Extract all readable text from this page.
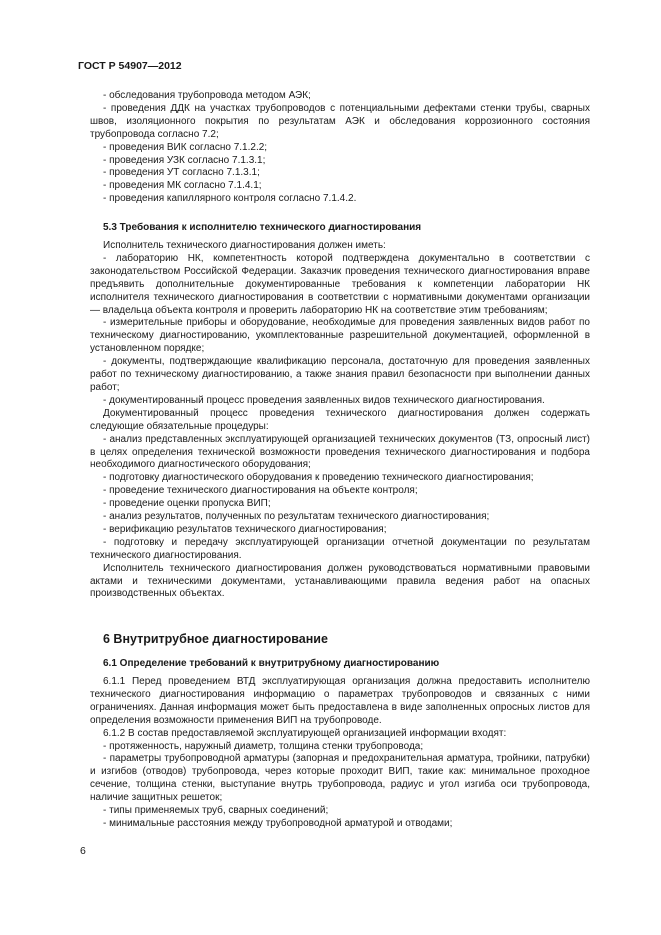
ГОСТ Р 54907—2012

- обследования трубопровода методом АЭК;

- проведения ДДК на участках трубопроводов с потенциальными дефектами стенки трубы, сварных швов, изоляционного покрытия по результатам АЭК и обследования коррозионного состояния трубопровода согласно 7.2;

- проведения ВИК согласно 7.1.2.2;

- проведения УЗК согласно 7.1.3.1;

- проведения УТ согласно 7.1.3.1;

- проведения МК согласно 7.1.4.1;

- проведения капиллярного контроля согласно 7.1.4.2.

5.3 Требования к исполнителю технического диагностирования

Исполнитель технического диагностирования должен иметь:

- лабораторию НК, компетентность которой подтверждена документально в соответствии с законодательством Российской Федерации. Заказчик проведения технического диагностирования вправе предъявить дополнительные документированные требования к компетенции лаборатории НК исполнителя технического диагностирования в соответствии с нормативными документами организации — владельца объекта контроля и проверить лабораторию НК на соответствие этим требованиям;

- измерительные приборы и оборудование, необходимые для проведения заявленных видов работ по техническому диагностированию, укомплектованные разрешительной документацией, оформленной в установленном порядке;

- документы, подтверждающие квалификацию персонала, достаточную для проведения заявленных работ по техническому диагностированию, а также знания правил безопасности при выполнении данных работ;

- документированный процесс проведения заявленных видов технического диагностирования.

Документированный процесс проведения технического диагностирования должен содержать следующие обязательные процедуры:

- анализ представленных эксплуатирующей организацией технических документов (ТЗ, опросный лист) в целях определения технической возможности проведения технического диагностирования и подбора необходимого диагностического оборудования;

- подготовку диагностического оборудования к проведению технического диагностирования;

- проведение технического диагностирования на объекте контроля;

- проведение оценки пропуска ВИП;

- анализ результатов, полученных по результатам технического диагностирования;

- верификацию результатов технического диагностирования;

- подготовку и передачу эксплуатирующей организации отчетной документации по результатам технического диагностирования.

Исполнитель технического диагностирования должен руководствоваться нормативными правовыми актами и техническими документами, устанавливающими правила ведения работ на опасных производственных объектах.

6 Внутритрубное диагностирование
6.1 Определение требований к внутритрубному диагностированию

6.1.1 Перед проведением ВТД эксплуатирующая организация должна предоставить исполнителю технического диагностирования информацию о параметрах трубопроводов и связанных с ними ограничениях. Данная информация может быть предоставлена в виде заполненных опросных листов для определения возможности применения ВИП на трубопроводе.

6.1.2 В состав предоставляемой эксплуатирующей организацией информации входят:

- протяженность, наружный диаметр, толщина стенки трубопровода;

- параметры трубопроводной арматуры (запорная и предохранительная арматура, тройники, патрубки) и изгибов (отводов) трубопровода, через которые проходит ВИП, такие как: минимальное проходное сечение, толщина стенки, выступание внутрь трубопровода, радиус и угол изгиба оси трубопровода, наличие защитных решеток;

- типы применяемых труб, сварных соединений;

- минимальные расстояния между трубопроводной арматурой и отводами;

6
